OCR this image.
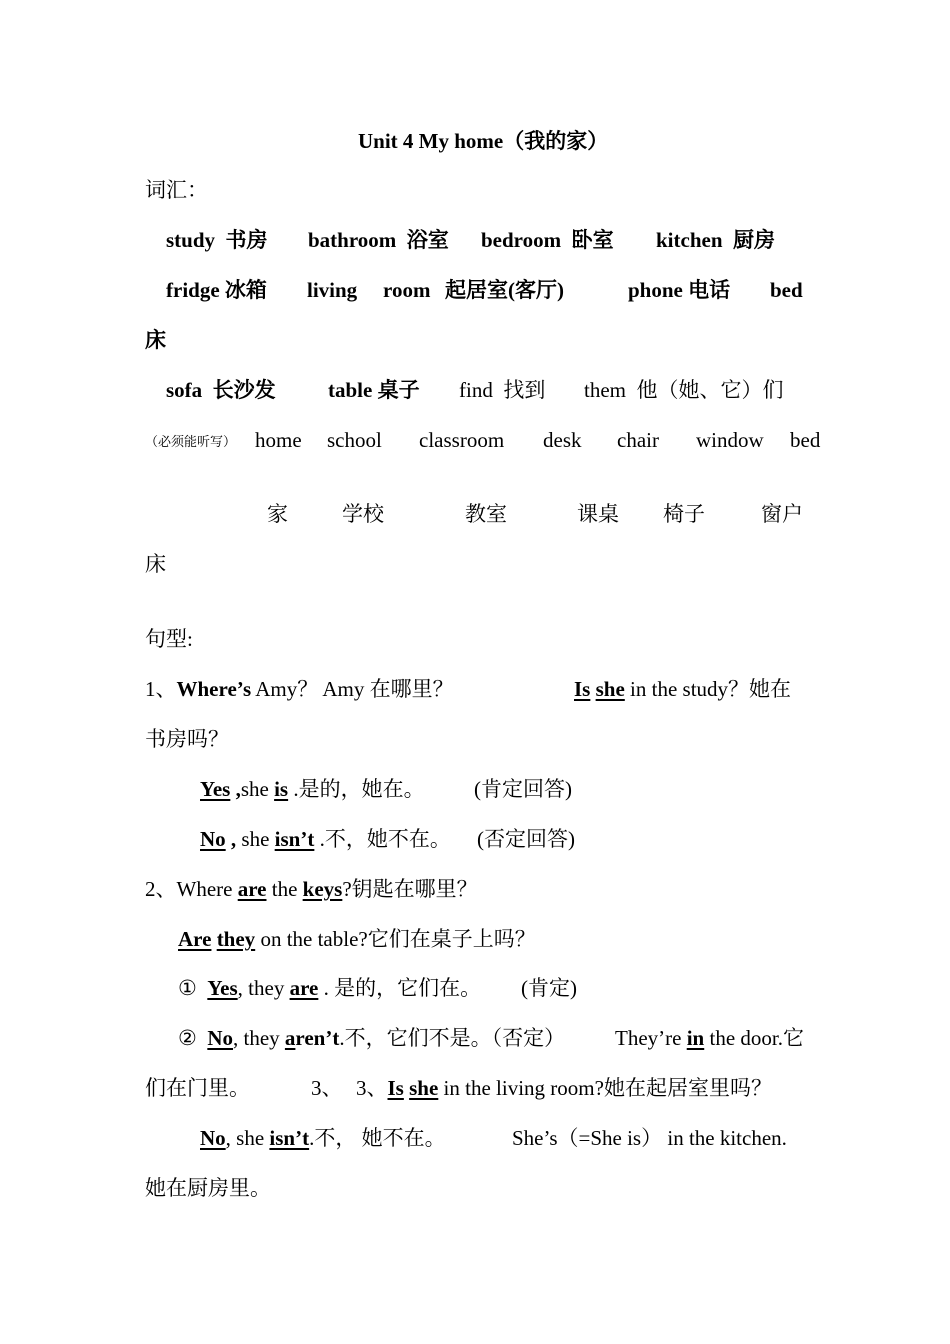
Unit 4 My home（我的家）
词汇：
study 书房 bathroom 浴室 bedroom 卧室 kitchen 厨房
fridge 冰箱 living room 起居室(客厅)	phone 电话 bed
床
sofa 长沙发 table 桌子 find 找到 them 他（她、它）们
（必须能听写） home school classroom desk chair window bed
家	学校	教室	课桌 椅子	窗户
床
句型:
1、Where’s Amy？ Amy 在哪里？	Is she in the study？她在
书房吗？
Yes ,she is .是的，她在。 (肯定回答)
No , she isn’t .不，她不在。 (否定回答)
2、Where are the keys?钥匙在哪里？
Are they on the table?它们在桌子上吗？
① Yes, they are . 是的，它们在。 (肯定)
② No, they aren’t.不，它们不是。（否定） They’re in the door.它
们在门里。	3、 3、Is she in the living room?她在起居室里吗？
No, she isn’t.不， 她不在。	She’s（=She is） in the kitchen.
她在厨房里。
